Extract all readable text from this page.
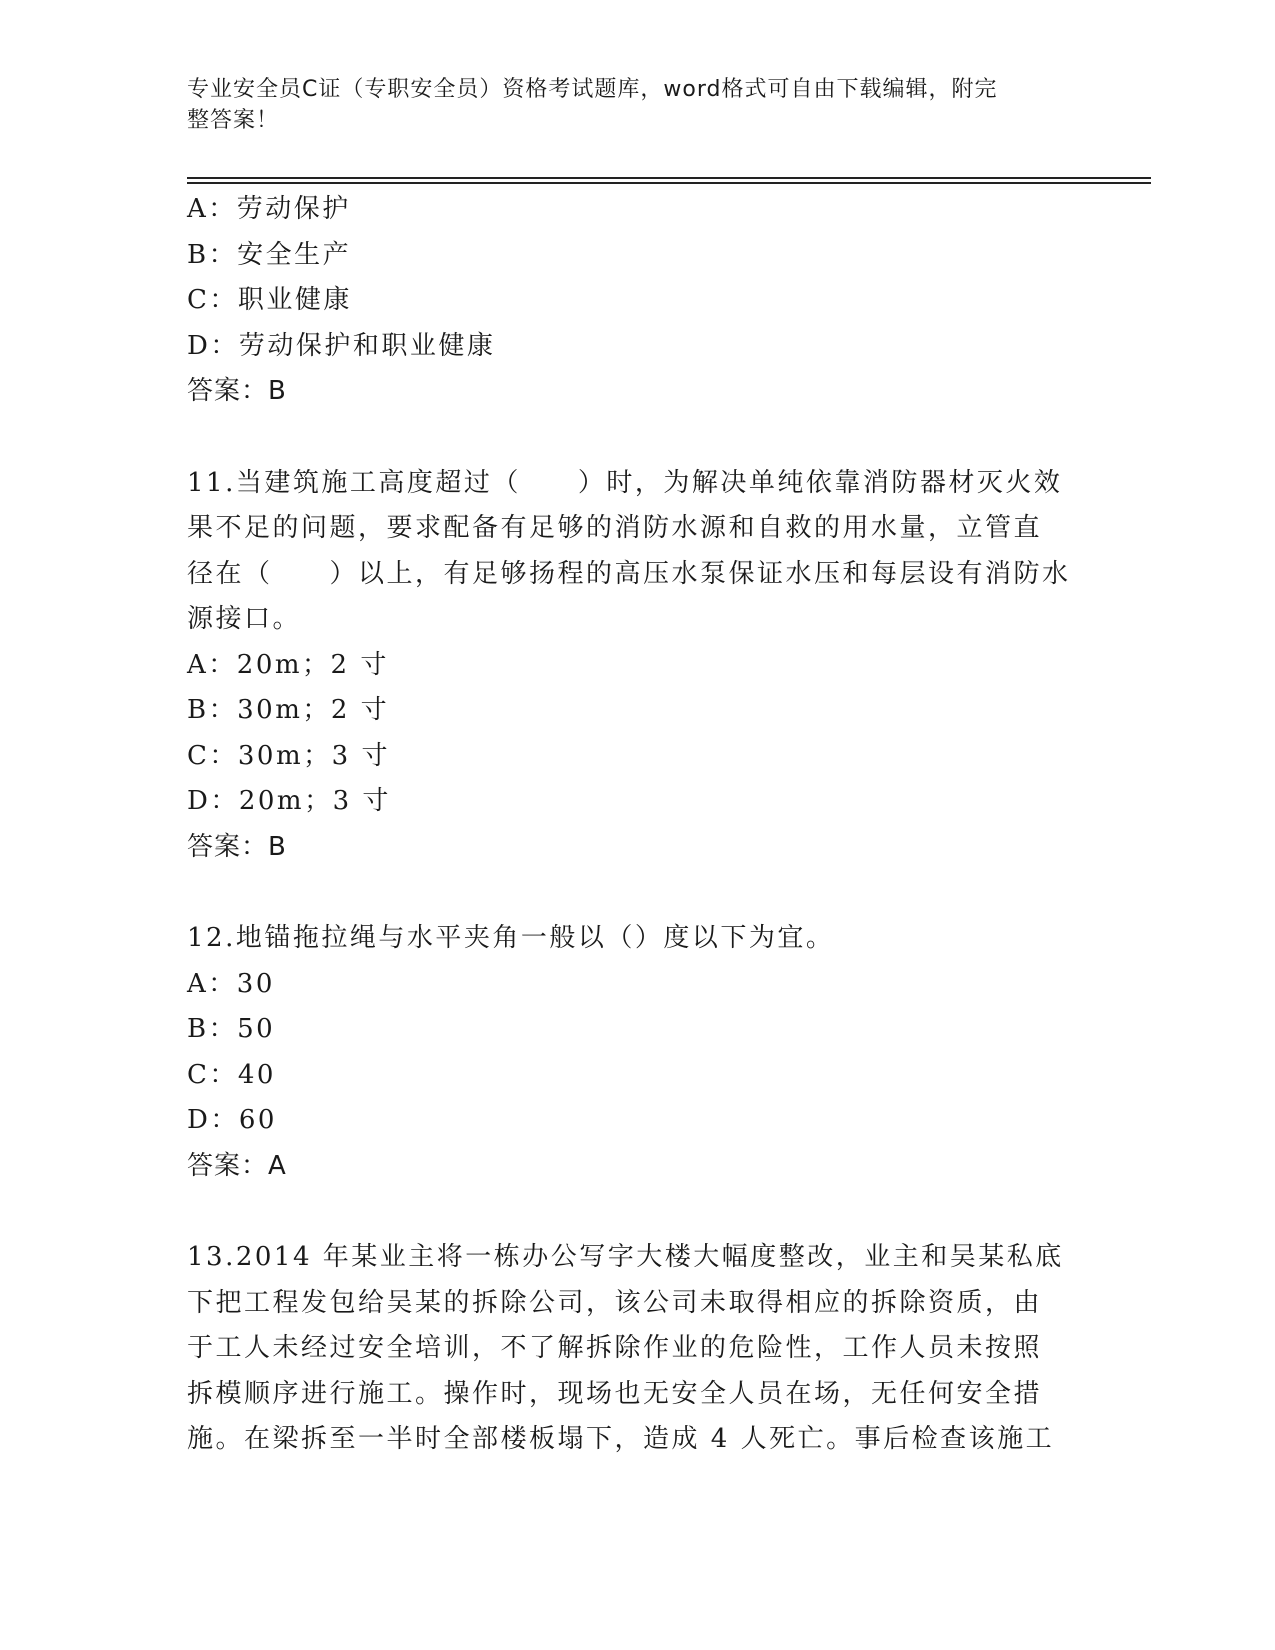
专业安全员C证（专职安全员）资格考试题库，word格式可自由下载编辑，附完
整答案！
A：劳动保护
B：安全生产
C：职业健康
D：劳动保护和职业健康
答案：B
11.当建筑施工高度超过（　　）时，为解决单纯依靠消防器材灭火效
果不足的问题，要求配备有足够的消防水源和自救的用水量，立管直
径在（　　）以上，有足够扬程的高压水泵保证水压和每层设有消防水
源接口。
A：20m；2 寸
B：30m；2 寸
C：30m；3 寸
D：20m；3 寸
答案：B
12.地锚拖拉绳与水平夹角一般以（）度以下为宜。
A：30
B：50
C：40
D：60
答案：A
13.2014 年某业主将一栋办公写字大楼大幅度整改，业主和吴某私底
下把工程发包给吴某的拆除公司，该公司未取得相应的拆除资质，由
于工人未经过安全培训，不了解拆除作业的危险性，工作人员未按照
拆模顺序进行施工。操作时，现场也无安全人员在场，无任何安全措
施。在梁拆至一半时全部楼板塌下，造成 4 人死亡。事后检查该施工
